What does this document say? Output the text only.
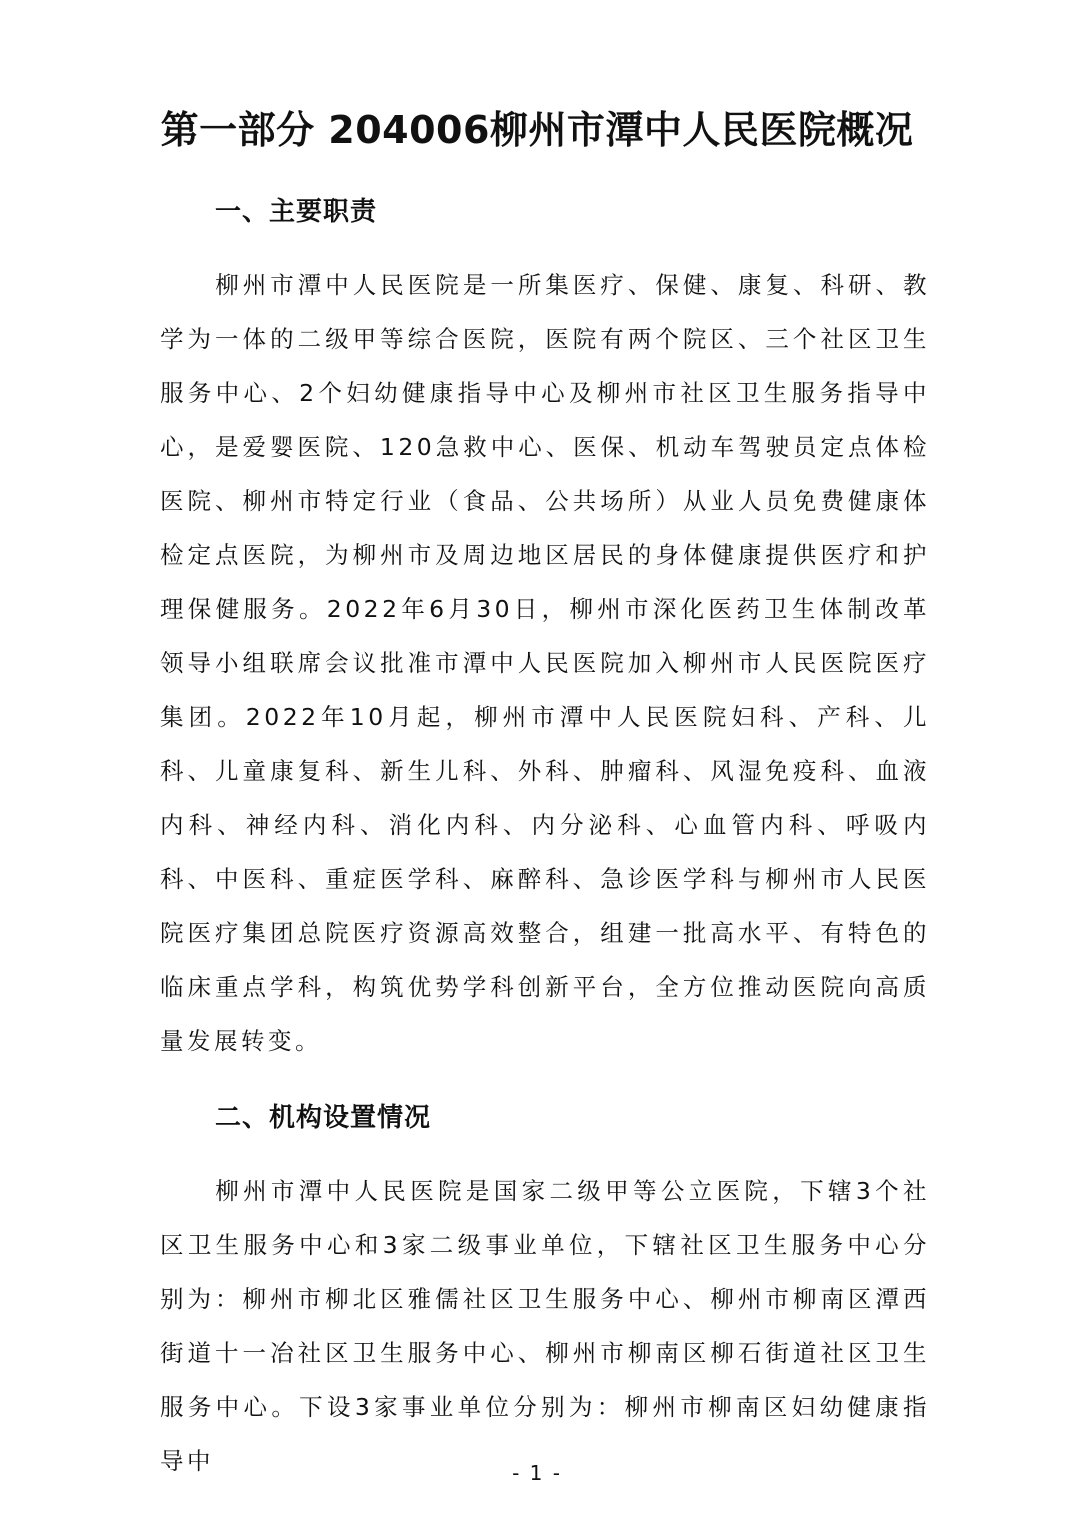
第一部分 204006柳州市潭中人民医院概况
一、主要职责
柳州市潭中人民医院是一所集医疗、保健、康复、科研、教学为一体的二级甲等综合医院，医院有两个院区、三个社区卫生服务中心、2个妇幼健康指导中心及柳州市社区卫生服务指导中心，是爱婴医院、120急救中心、医保、机动车驾驶员定点体检医院、柳州市特定行业（食品、公共场所）从业人员免费健康体检定点医院，为柳州市及周边地区居民的身体健康提供医疗和护理保健服务。2022年6月30日，柳州市深化医药卫生体制改革领导小组联席会议批准市潭中人民医院加入柳州市人民医院医疗集团。2022年10月起，柳州市潭中人民医院妇科、产科、儿科、儿童康复科、新生儿科、外科、肿瘤科、风湿免疫科、血液内科、神经内科、消化内科、内分泌科、心血管内科、呼吸内科、中医科、重症医学科、麻醉科、急诊医学科与柳州市人民医院医疗集团总院医疗资源高效整合，组建一批高水平、有特色的临床重点学科，构筑优势学科创新平台，全方位推动医院向高质量发展转变。
二、机构设置情况
柳州市潭中人民医院是国家二级甲等公立医院，下辖3个社区卫生服务中心和3家二级事业单位，下辖社区卫生服务中心分别为：柳州市柳北区雅儒社区卫生服务中心、柳州市柳南区潭西街道十一冶社区卫生服务中心、柳州市柳南区柳石街道社区卫生服务中心。下设3家事业单位分别为：柳州市柳南区妇幼健康指导中	- 1 -
